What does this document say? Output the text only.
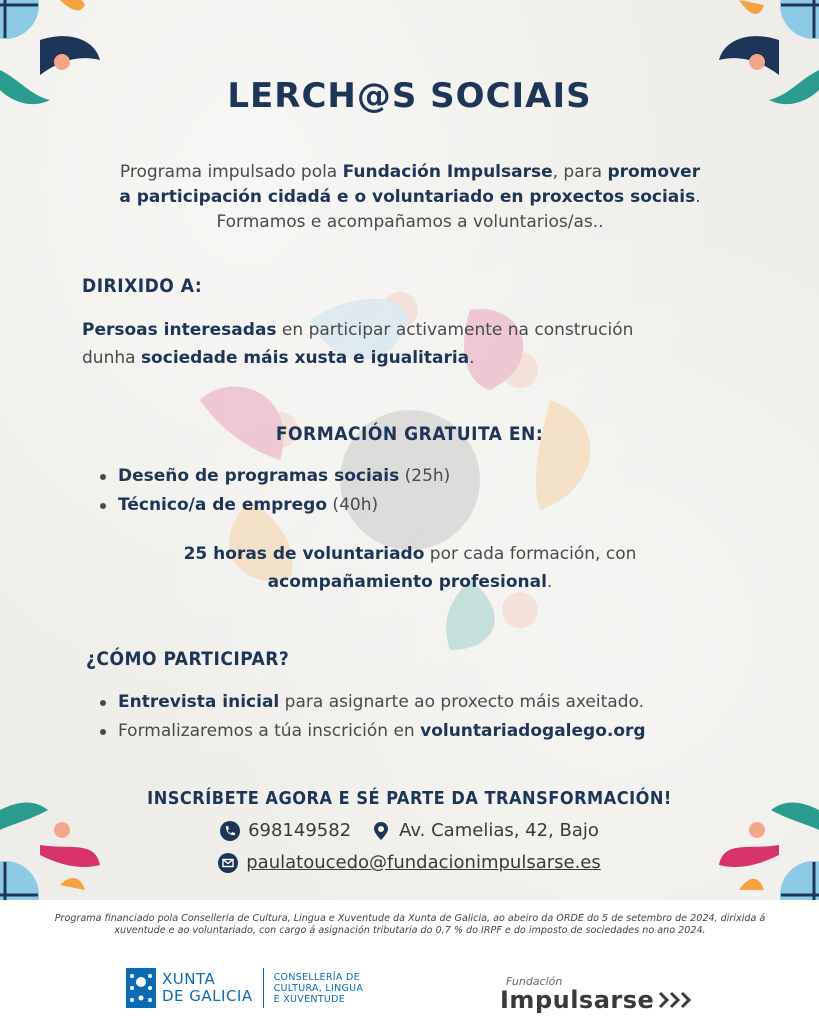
LERCH@S SOCIAIS
Programa impulsado pola Fundación Impulsarse, para promover
a participación cidadá e o voluntariado en proxectos sociais.
Formamos e acompañamos a voluntarios/as..
DIRIXIDO A:
Persoas interesadas en participar activamente na construción
dunha sociedade máis xusta e igualitaria.
FORMACIÓN GRATUITA EN:
Deseño de programas sociais (25h)
Técnico/a de emprego (40h)
25 horas de voluntariado por cada formación, con
acompañamiento profesional.
¿CÓMO PARTICIPAR?
Entrevista inicial para asignarte ao proxecto máis axeitado.
Formalizaremos a túa inscrición en voluntariadogalego.org
INSCRÍBETE AGORA E SÉ PARTE DA TRANSFORMACIÓN!
698149582	Av. Camelias, 42, Bajo
paulatoucedo@fundacionimpulsarse.es
Programa financiado pola Consellería de Cultura, Lingua e Xuventude da Xunta de Galicia, ao abeiro da ORDE do 5 de setembro de 2024, dirixida á xuventude e ao voluntariado, con cargo á asignación tributaria do 0,7 % do IRPF e do imposto de sociedades no ano 2024.
XUNTA
DE GALICIA
CONSELLERÍA DE
CULTURA, LINGUA
E XUVENTUDE
Fundación
Impulsarse
